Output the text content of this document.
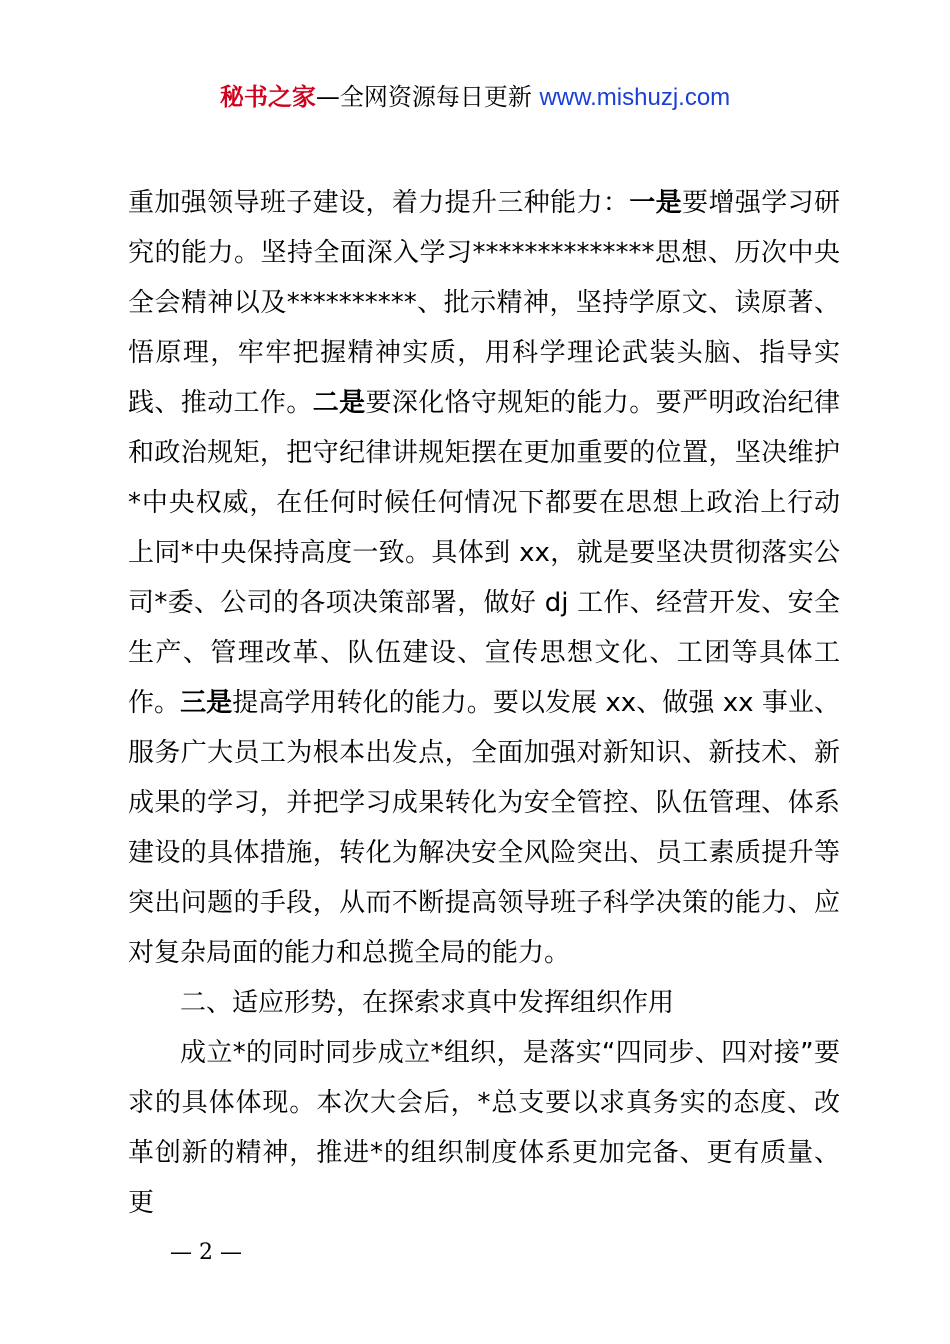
秘书之家—全网资源每日更新 www.mishuzj.com

重加强领导班子建设，着力提升三种能力：一是要增强学习研究的能力。坚持全面深入学习**************思想、历次中央全会精神以及**********、批示精神，坚持学原文、读原著、悟原理，牢牢把握精神实质，用科学理论武装头脑、指导实践、推动工作。二是要深化恪守规矩的能力。要严明政治纪律和政治规矩，把守纪律讲规矩摆在更加重要的位置，坚决维护*中央权威，在任何时候任何情况下都要在思想上政治上行动上同*中央保持高度一致。具体到 xx，就是要坚决贯彻落实公司*委、公司的各项决策部署，做好 dj 工作、经营开发、安全生产、管理改革、队伍建设、宣传思想文化、工团等具体工作。三是提高学用转化的能力。要以发展 xx、做强 xx 事业、服务广大员工为根本出发点，全面加强对新知识、新技术、新成果的学习，并把学习成果转化为安全管控、队伍管理、体系建设的具体措施，转化为解决安全风险突出、员工素质提升等突出问题的手段，从而不断提高领导班子科学决策的能力、应对复杂局面的能力和总揽全局的能力。

二、适应形势，在探索求真中发挥组织作用

成立*的同时同步成立*组织，是落实“四同步、四对接”要求的具体体现。本次大会后，*总支要以求真务实的态度、改革创新的精神，推进*的组织制度体系更加完备、更有质量、更

— 2 —
